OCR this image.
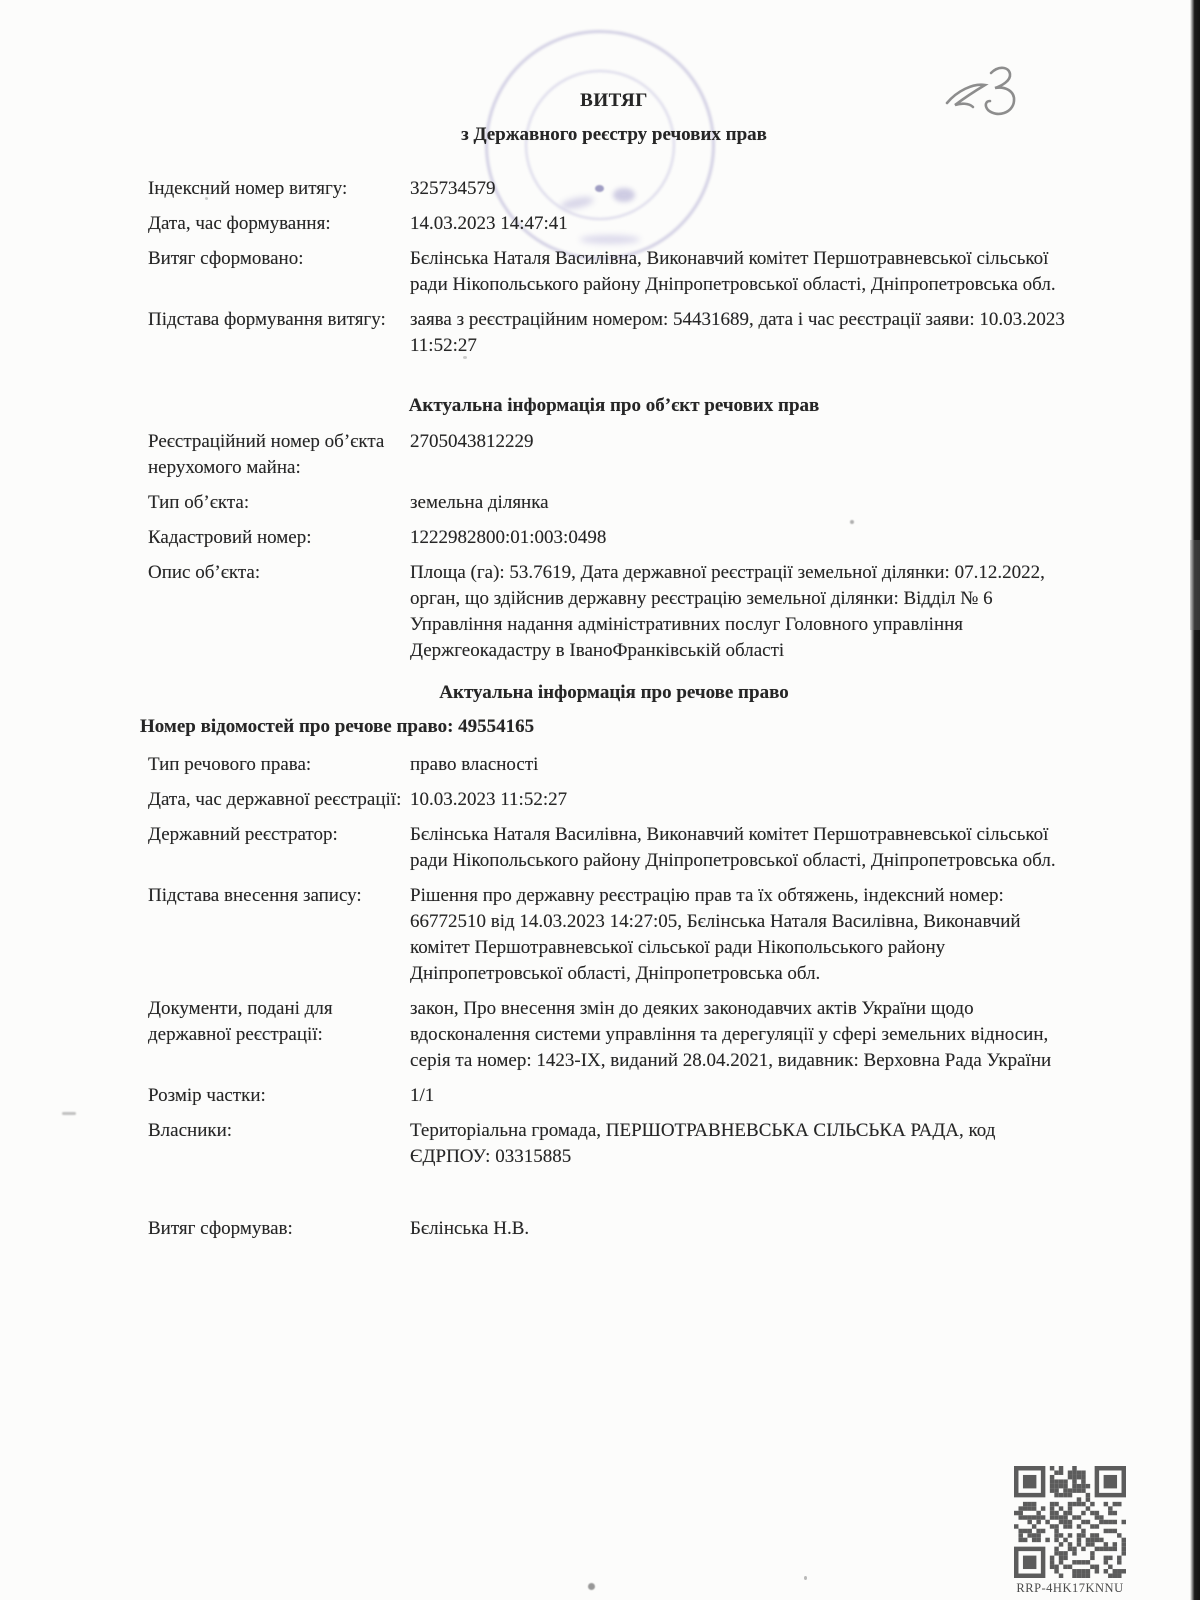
ВИТЯГ
з Державного реєстру речових прав
Індексний номер витягу:	325734579
Дата, час формування:	14.03.2023 14:47:41
Витяг сформовано:	Бєлінська Наталя Василівна, Виконавчий комітет Першотравневської сільської ради Нікопольського району Дніпропетровської області, Дніпропетровська обл.
Підстава формування витягу:	заява з реєстраційним номером: 54431689, дата і час реєстрації заяви: 10.03.2023 11:52:27
Актуальна інформація про об’єкт речових прав
Реєстраційний номер об’єкта нерухомого майна:
2705043812229
Тип об’єкта:	земельна ділянка
Кадастровий номер:	1222982800:01:003:0498
Опис об’єкта:	Площа (га): 53.7619, Дата державної реєстрації земельної ділянки: 07.12.2022, орган, що здійснив державну реєстрацію земельної ділянки: Відділ № 6 Управління надання адміністративних послуг Головного управління Держгеокадастру в ІваноФранківській області
Актуальна інформація про речове право
Номер відомостей про речове право: 49554165
Тип речового права:	право власності
Дата, час державної реєстрації: 10.03.2023 11:52:27
Державний реєстратор:	Бєлінська Наталя Василівна, Виконавчий комітет Першотравневської сільської ради Нікопольського району Дніпропетровської області, Дніпропетровська обл.
Підстава внесення запису:	Рішення про державну реєстрацію прав та їх обтяжень, індексний номер: 66772510 від 14.03.2023 14:27:05, Бєлінська Наталя Василівна, Виконавчий комітет Першотравневської сільської ради Нікопольського району Дніпропетровської області, Дніпропетровська обл.
Документи, подані для державної реєстрації:
закон, Про внесення змін до деяких законодавчих актів України щодо вдосконалення системи управління та дерегуляції у сфері земельних відносин, серія та номер: 1423-IX, виданий 28.04.2021, видавник: Верховна Рада України
Розмір частки:	1/1
Власники:	Територіальна громада, ПЕРШОТРАВНЕВСЬКА СІЛЬСЬКА РАДА, код ЄДРПОУ: 03315885
Витяг сформував:	Бєлінська Н.В.
RRP-4HK17KNNU
